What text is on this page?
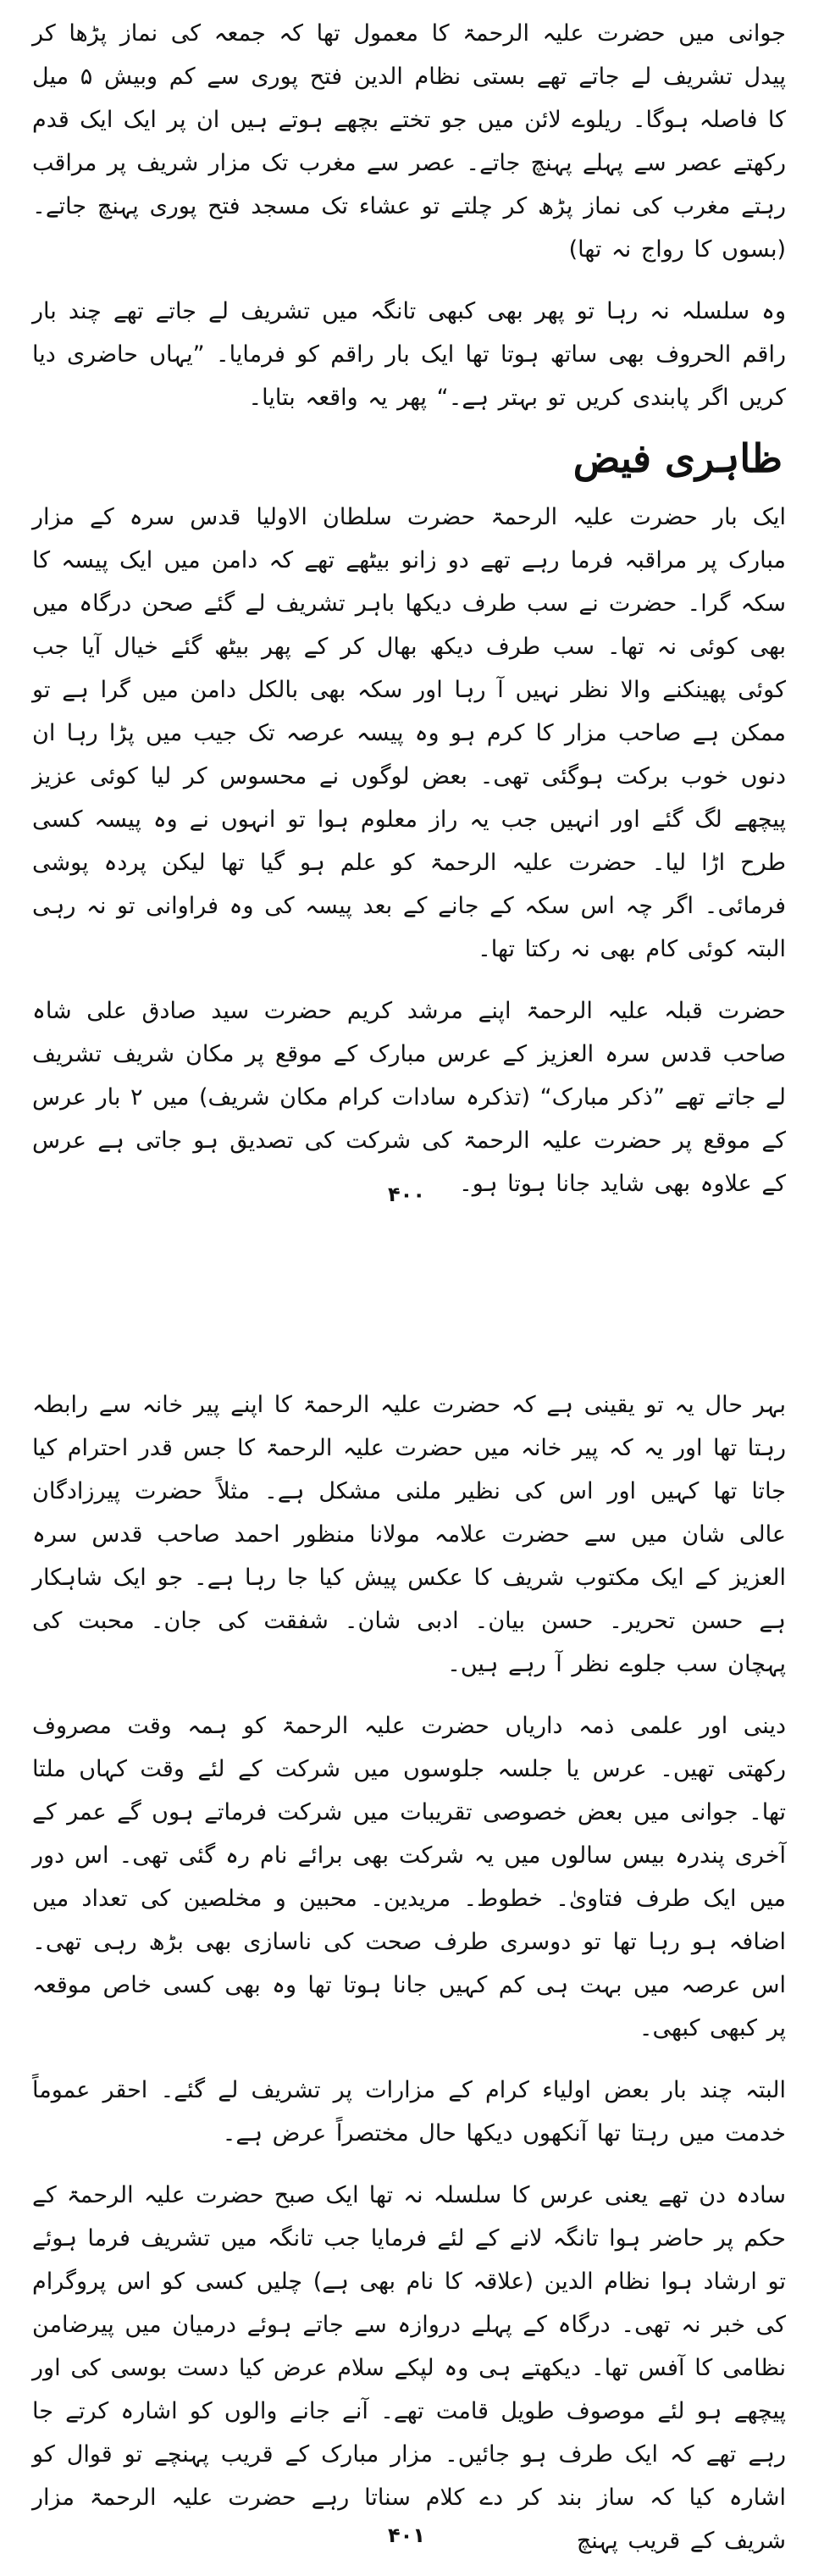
جوانی میں حضرت علیہ الرحمۃ کا معمول تھا کہ جمعہ کی نماز پڑھا کر پیدل تشریف لے جاتے تھے بستی نظام الدین فتح پوری سے کم وبیش ۵ میل کا فاصلہ ہوگا۔ ریلوے لائن میں جو تختے بچھے ہوتے ہیں ان پر ایک ایک قدم رکھتے عصر سے پہلے پہنچ جاتے۔ عصر سے مغرب تک مزار شریف پر مراقب رہتے مغرب کی نماز پڑھ کر چلتے تو عشاء تک مسجد فتح پوری پہنچ جاتے۔ (بسوں کا رواج نہ تھا)

وہ سلسلہ نہ رہا تو پھر بھی کبھی تانگہ میں تشریف لے جاتے تھے چند بار راقم الحروف بھی ساتھ ہوتا تھا ایک بار راقم کو فرمایا۔ ”یہاں حاضری دیا کریں اگر پابندی کریں تو بہتر ہے۔“ پھر یہ واقعہ بتایا۔

ظاہری فیض

ایک بار حضرت علیہ الرحمۃ حضرت سلطان الاولیا قدس سرہ کے مزار مبارک پر مراقبہ فرما رہے تھے دو زانو بیٹھے تھے کہ دامن میں ایک پیسہ کا سکہ گرا۔ حضرت نے سب طرف دیکھا باہر تشریف لے گئے صحن درگاہ میں بھی کوئی نہ تھا۔ سب طرف دیکھ بھال کر کے پھر بیٹھ گئے خیال آیا جب کوئی پھینکنے والا نظر نہیں آ رہا اور سکہ بھی بالکل دامن میں گرا ہے تو ممکن ہے صاحب مزار کا کرم ہو وہ پیسہ عرصہ تک جیب میں پڑا رہا ان دنوں خوب برکت ہوگئی تھی۔ بعض لوگوں نے محسوس کر لیا کوئی عزیز پیچھے لگ گئے اور انہیں جب یہ راز معلوم ہوا تو انہوں نے وہ پیسہ کسی طرح اڑا لیا۔ حضرت علیہ الرحمۃ کو علم ہو گیا تھا لیکن پردہ پوشی فرمائی۔ اگر چہ اس سکہ کے جانے کے بعد پیسہ کی وہ فراوانی تو نہ رہی البتہ کوئی کام بھی نہ رکتا تھا۔

حضرت قبلہ علیہ الرحمۃ اپنے مرشد کریم حضرت سید صادق علی شاہ صاحب قدس سرہ العزیز کے عرس مبارک کے موقع پر مکان شریف تشریف لے جاتے تھے ”ذکر مبارک“ (تذکرہ سادات کرام مکان شریف) میں ۲ بار عرس کے موقع پر حضرت علیہ الرحمۃ کی شرکت کی تصدیق ہو جاتی ہے عرس کے علاوہ بھی شاید جانا ہوتا ہو۔

۴۰۰

بہر حال یہ تو یقینی ہے کہ حضرت علیہ الرحمۃ کا اپنے پیر خانہ سے رابطہ رہتا تھا اور یہ کہ پیر خانہ میں حضرت علیہ الرحمۃ کا جس قدر احترام کیا جاتا تھا کہیں اور اس کی نظیر ملنی مشکل ہے۔ مثلاً حضرت پیرزادگان عالی شان میں سے حضرت علامہ مولانا منظور احمد صاحب قدس سرہ العزیز کے ایک مکتوب شریف کا عکس پیش کیا جا رہا ہے۔ جو ایک شاہکار ہے حسن تحریر۔ حسن بیان۔ ادبی شان۔ شفقت کی جان۔ محبت کی پہچان سب جلوے نظر آ رہے ہیں۔

دینی اور علمی ذمہ داریاں حضرت علیہ الرحمۃ کو ہمہ وقت مصروف رکھتی تھیں۔ عرس یا جلسہ جلوسوں میں شرکت کے لئے وقت کہاں ملتا تھا۔ جوانی میں بعض خصوصی تقریبات میں شرکت فرماتے ہوں گے عمر کے آخری پندرہ بیس سالوں میں یہ شرکت بھی برائے نام رہ گئی تھی۔ اس دور میں ایک طرف فتاویٰ۔ خطوط۔ مریدین۔ محبین و مخلصین کی تعداد میں اضافہ ہو رہا تھا تو دوسری طرف صحت کی ناسازی بھی بڑھ رہی تھی۔ اس عرصہ میں بہت ہی کم کہیں جانا ہوتا تھا وہ بھی کسی خاص موقعہ پر کبھی کبھی۔

البتہ چند بار بعض اولیاء کرام کے مزارات پر تشریف لے گئے۔ احقر عموماً خدمت میں رہتا تھا آنکھوں دیکھا حال مختصراً عرض ہے۔

سادہ دن تھے یعنی عرس کا سلسلہ نہ تھا ایک صبح حضرت علیہ الرحمۃ کے حکم پر حاضر ہوا تانگہ لانے کے لئے فرمایا جب تانگہ میں تشریف فرما ہوئے تو ارشاد ہوا نظام الدین (علاقہ کا نام بھی ہے) چلیں کسی کو اس پروگرام کی خبر نہ تھی۔ درگاہ کے پہلے دروازہ سے جاتے ہوئے درمیان میں پیرضامن نظامی کا آفس تھا۔ دیکھتے ہی وہ لپکے سلام عرض کیا دست بوسی کی اور پیچھے ہو لئے موصوف طویل قامت تھے۔ آنے جانے والوں کو اشارہ کرتے جا رہے تھے کہ ایک طرف ہو جائیں۔ مزار مبارک کے قریب پہنچے تو قوال کو اشارہ کیا کہ ساز بند کر دے کلام سناتا رہے حضرت علیہ الرحمۃ مزار شریف کے قریب پہنچ

۴۰۱
